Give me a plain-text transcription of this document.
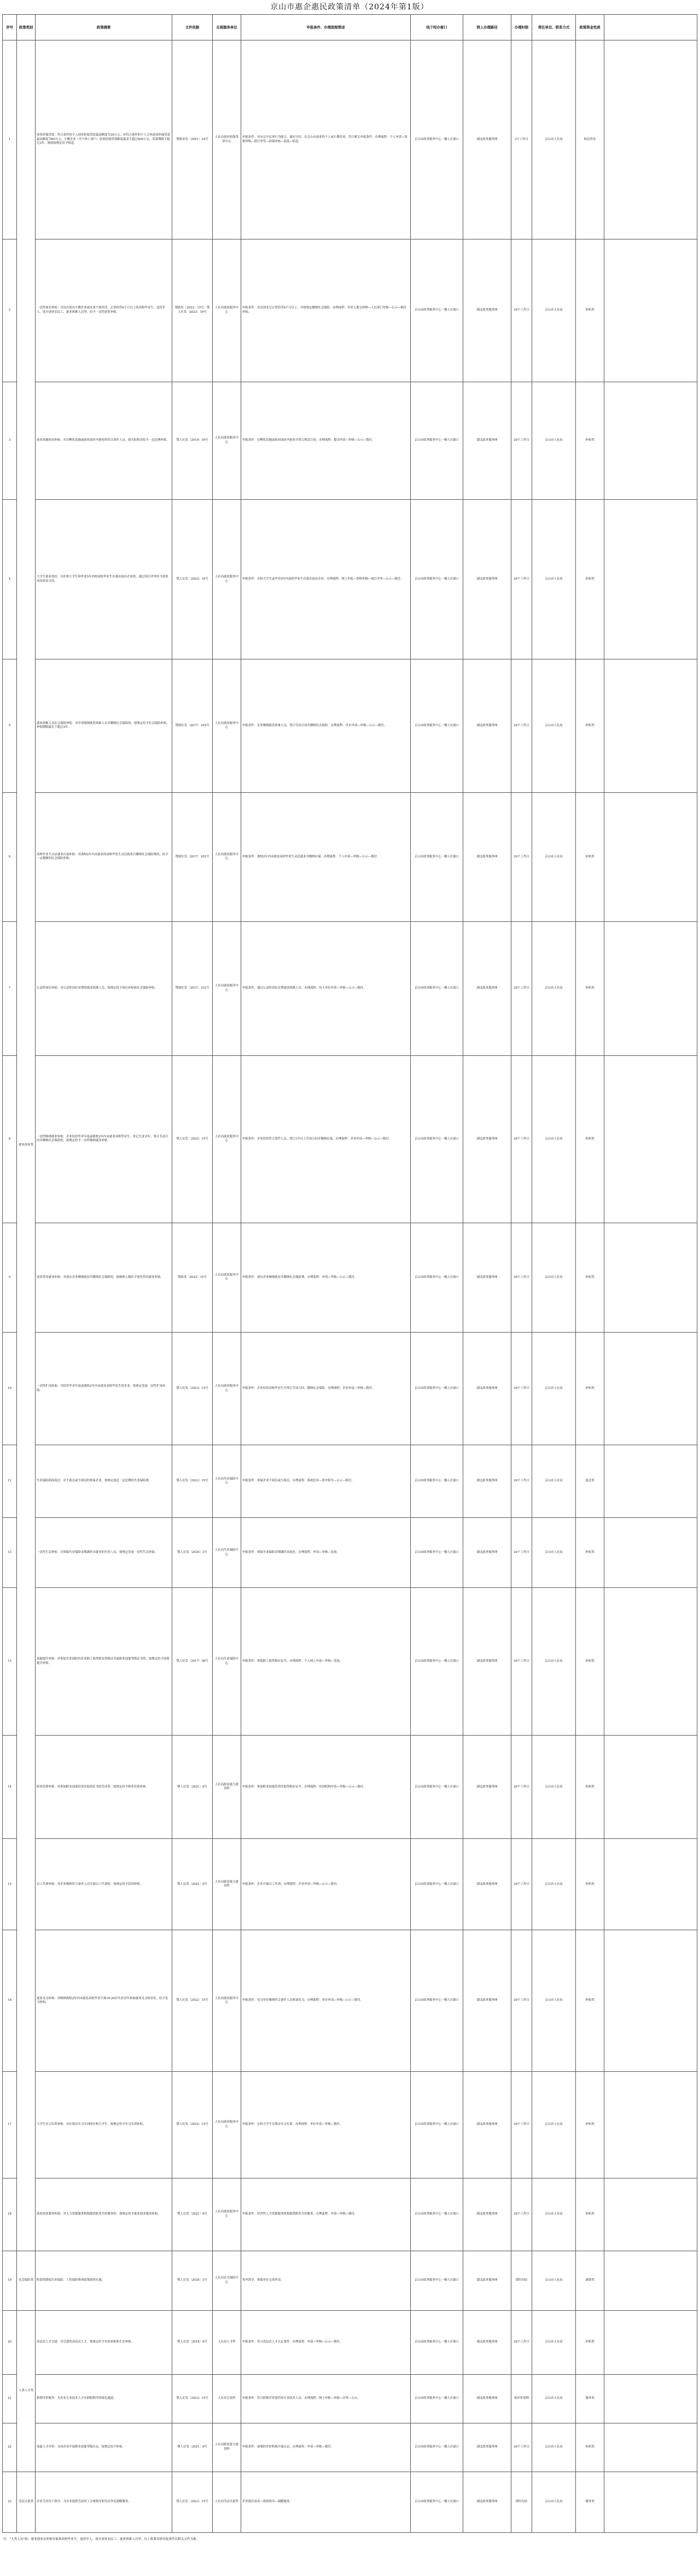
京山市惠企惠民政策清单（2024年第1版）
序号	政策类别	政策摘要	文件依据	兑现服务单位	申报条件、办理流程简述	线下经办窗口	网上办理路径	办理时限	责任单位、联系方式	政策资金性质	
1	就业创业类	创业担保贷款：符合条件的个人创业担保贷款最高额度为30万元，对符合条件的个人合伙创业担保贷款最高额度为60万元；小微企业（含个体工商户）创业担保贷款额度最高不超过400万元，贷款期限不超过3年，财政按规定给予贴息。	鄂财金发〔2021〕24号	人社局创业担保贷款中心	申报条件：具有完全民事行为能力、诚实守信，在京山市创业的个人或小微企业，符合相关申报条件。办理流程：个人申请—资格审核—银行审贷—担保审核—放款—贴息。	京山市政务服务中心一楼人社窗口	湖北政务服务网	3个工作日	京山市人社局	贴息资金	
2		一次性创业补贴：对首次创办小微企业或从事个体经营，正常经营6个月以上的高校毕业生、退役军人、返乡创业农民工、就业困难人员等，给予一次性创业补贴。	鄂政发〔2022〕15号；鄂人社发〔2023〕16号	人社局就业服务中心	申报条件：首次创业且正常经营6个月以上，并按规定缴纳社会保险。办理流程：申请人提交材料—人社部门审核—公示—拨付补贴。	京山市政务服务中心一楼人社窗口	湖北政务服务网	20个工作日	京山市人社局	补贴类	
3		创业场地租金补贴：对在孵化基地或创业园区内创业的符合条件人员，按实际租金给予一定比例补贴。	鄂人社发〔2019〕39号	人社局就业服务中心	申报条件：在孵化基地或创业园区内创业并签订租赁合同。办理流程：提出申请—审核—公示—拨付。	京山市政务服务中心一楼人社窗口	湖北政务服务网	20个工作日	京山市人社局	补贴类	
4		大学生创业扶持：对在校大学生和毕业5年内的高校毕业生在我市创办企业的，通过项目评审给予创业扶持资金支持。	鄂人社发〔2023〕16号	人社局就业服务中心	申报条件：在校大学生或毕业5年内高校毕业生在我市创办企业。办理流程：网上申报—资格审核—项目评审—公示—拨付。	京山市政务服务中心一楼人社窗口	湖北政务服务网	20个工作日	京山市人社局	补贴类	
5		就业困难人员社会保险补贴：对企业吸纳就业困难人员并缴纳社会保险的，按规定给予社会保险补贴，补贴期限最长不超过3年。	鄂财社发〔2017〕102号	人社局就业服务中心	申报条件：企业吸纳就业困难人员，签订劳动合同并缴纳社会保险。办理流程：单位申请—审核—公示—拨付。	京山市政务服务中心一楼人社窗口	湖北政务服务网	20个工作日	京山市人社局	补贴类	
6		高校毕业生灵活就业社保补贴：对离校2年内未就业的高校毕业生灵活就业后缴纳社会保险费的，给予一定数额的社会保险补贴。	鄂财社发〔2017〕102号	人社局就业服务中心	申报条件：离校2年内未就业高校毕业生灵活就业并缴纳社保。办理流程：个人申请—审核—公示—拨付。	京山市政务服务中心一楼人社窗口	湖北政务服务网	20个工作日	京山市人社局	补贴类	
7		公益性岗位补贴：对公益性岗位安置的就业困难人员，按规定给予岗位补贴和社会保险补贴。	鄂财社发〔2017〕102号	人社局就业服务中心	申报条件：通过公益性岗位安置就业困难人员。办理流程：用人单位申请—审核—公示—拨付。	京山市政务服务中心一楼人社窗口	湖北政务服务网	20个工作日	京山市人社局	补贴类	
8		一次性吸纳就业补贴：企业招用毕业年度或离校2年内未就业高校毕业生、登记失业青年，签订劳动合同并缴纳社会保险的，按规定给予一次性吸纳就业补贴。	鄂人社发〔2022〕15号	人社局就业服务中心	申报条件：企业招用符合条件人员，签订1年以上劳动合同并缴纳社保。办理流程：企业申请—审核—公示—拨付。	京山市政务服务中心一楼人社窗口	湖北政务服务网	20个工作日	京山市人社局	补贴类	
9		创业带动就业补贴：对创办企业吸纳就业并缴纳社会保险的，按吸纳人数给予创业带动就业补贴。	鄂政发〔2022〕15号	人社局就业服务中心	申报条件：创办企业吸纳就业并缴纳社会保险费。办理流程：申请—审核—公示—拨付。	京山市政务服务中心一楼人社窗口	湖北政务服务网	20个工作日	京山市人社局	补贴类	
10		一次性扩岗补助：对招用毕业年度或离校2年内未就业高校毕业生的企业，按规定发放一次性扩岗补助。	鄂人社发〔2023〕15号	人社局就业服务中心	申报条件：企业招用高校毕业生并签订劳动合同、缴纳社会保险。办理流程：企业申请—审核—拨付。	京山市政务服务中心一楼人社窗口	湖北政务服务网	20个工作日	京山市人社局	补贴类	
11		失业保险稳岗返还：对不裁员或少裁员的参保企业，按规定返还一定比例的失业保险费。	鄂人社发〔2023〕15号	人社局失业保险中心	申报条件：参保企业不裁员或少裁员。办理流程：系统比对—免申即享—公示—拨付。	京山市政务服务中心一楼人社窗口	湖北政务服务网	20个工作日	京山市人社局	返还类	
12		一次性生活补贴：对领取失业保险金期满仍未就业的失业人员，按规定发放一次性生活补助。	鄂人社发〔2024〕2号	人社局失业保险中心	申报条件：领取失业保险金期满仍未就业。办理流程：申请—审核—发放。	京山市政务服务中心一楼人社窗口	湖北政务服务网	20个工作日	京山市人社局	补贴类	
13		技能提升补贴：对参加失业保险的企业职工取得职业资格证书或职业技能等级证书的，按规定给予技能提升补贴。	鄂人社发〔2017〕36号	人社局失业保险中心	申报条件：参保职工取得相应证书。办理流程：个人网上申请—审核—发放。	京山市政务服务中心一楼人社窗口	湖北政务服务网	20个工作日	京山市人社局	补贴类	
14		职业培训补贴：对参加职业技能培训并取得证书的劳动者，按规定给予职业培训补贴。	鄂人社发〔2021〕8号	人社局职业能力建设科	申报条件：参加职业技能培训并取得相应证书。办理流程：培训机构申请—审核—公示—拨付。	京山市政务服务中心一楼人社窗口	湖北政务服务网	20个工作日	京山市人社局	补贴类	
15		以工代训补贴：对企业吸纳符合条件人员开展以工代训的，按规定给予培训补贴。	鄂人社发〔2021〕8号	人社局职业能力建设科	申报条件：企业开展以工代训。办理流程：企业申请—审核—公示—拨付。	京山市政务服务中心一楼人社窗口	湖北政务服务网	20个工作日	京山市人社局	补贴类	
16		就业见习补贴：对吸纳离校2年内未就业高校毕业生和16-24岁失业青年参加就业见习的单位，给予见习补贴。	鄂人社发〔2022〕15号	人社局就业服务中心	申报条件：见习单位吸纳符合条件人员参加见习。办理流程：单位申请—审核—公示—拨付。	京山市政务服务中心一楼人社窗口	湖北政务服务网	20个工作日	京山市人社局	补贴类	
17		大学生实习实训补贴：对在我市实习实训的在校大学生，按规定给予实习实训补贴。	鄂人社发〔2022〕15号	人社局就业服务中心	申报条件：在校大学生在我市实习实训。办理流程：单位申请—审核—拨付。	京山市政务服务中心一楼人社窗口	湖北政务服务网	20个工作日	京山市人社局	补贴类	
18		就业创业服务补助：对人力资源服务机构提供职业介绍服务的，按规定给予就业创业服务补助。	鄂人社发〔2021〕8号	人社局就业服务中心	申报条件：经营性人力资源服务机构提供职业介绍服务。办理流程：申请—审核—拨付。	京山市政务服务中心一楼人社窗口	湖北政务服务网	20个工作日	京山市人社局	补贴类	
19	社会保险类	阶段性降低失业保险、工伤保险费率政策延续实施。	鄂人社发〔2024〕3号	人社局社会保险中心	免申即享，参保单位无需申请。	京山市政务服务中心一楼人社窗口	湖北政务服务网	即时办结	京山市人社局	减费类	
20	人事人才类	高层次人才引进：对引进的高层次人才，按规定给予安家补贴和生活补贴。	鄂人社发〔2018〕6号	人社局人才科	申报条件：符合高层次人才认定条件。办理流程：申请—审核—公示—拨付。	京山市政务服务中心一楼人社窗口	湖北政务服务网	20个工作日	京山市人社局	补贴类	
21		职称评审服务：为企业专业技术人才开辟职称评审绿色通道。	鄂人社发〔2023〕15号	人社局专技科	申报条件：符合职称评审条件的专业技术人员。办理流程：网上申报—审核—评审—公示。	京山市政务服务中心一楼人社窗口	湖北政务服务网	按评审周期	京山市人社局	服务类	
22		技能人才评价：支持企业开展职业技能等级认定，按规定给予补贴。	鄂人社发〔2021〕8号	人社局职业能力建设科	申报条件：备案的评价机构开展认定。办理流程：申请—审核—拨付。	京山市政务服务中心一楼人社窗口	湖北政务服务网	20个工作日	京山市人社局	补贴类	
23	劳动关系类	企业劳动用工指导：为企业提供劳动用工合规指导和劳动争议调解服务。	鄂人社发〔2023〕15号	人社局劳动关系科	企业提出需求—现场指导—调解服务。	京山市政务服务中心一楼人社窗口	湖北政务服务网	即时办结	京山市人社局	服务类	
注：“九类人员”指：就业创业证补贴对象指高校毕业生、退役军人、返乡创业农民工、就业困难人员等；以上政策具体申报条件以相关文件为准。
